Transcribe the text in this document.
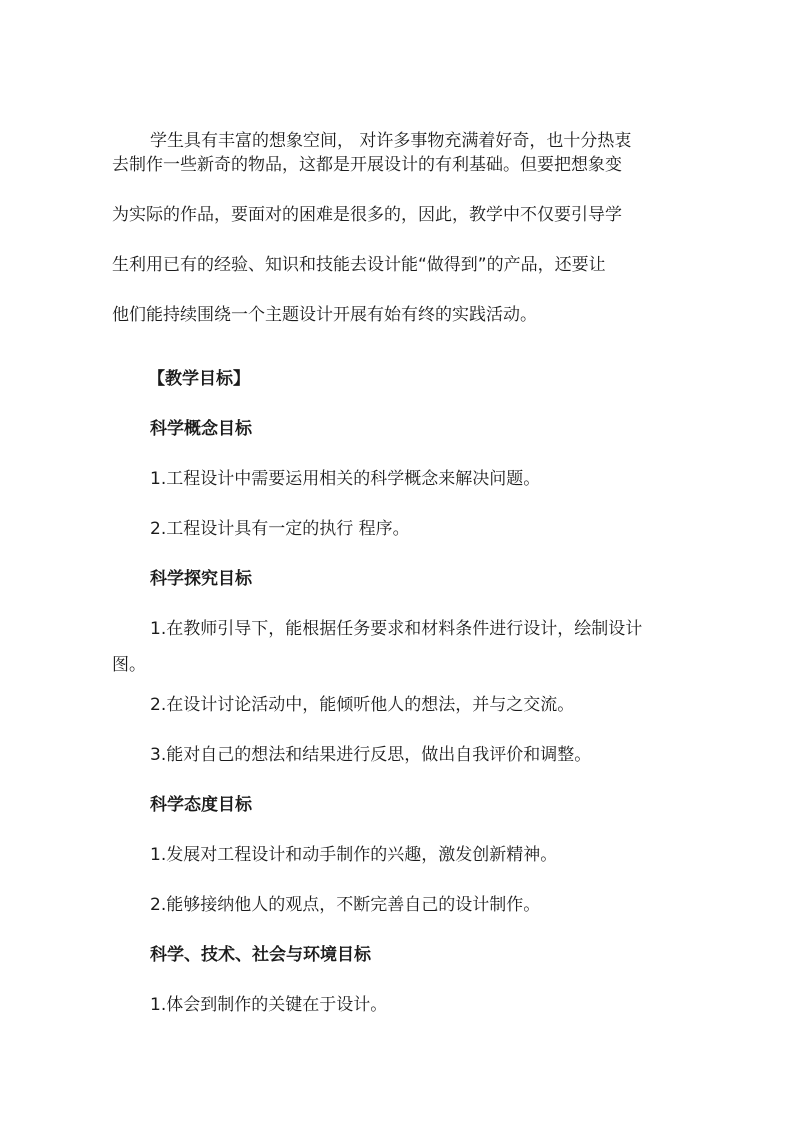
学生具有丰富的想象空间， 对许多事物充满着好奇，也十分热衷
去制作一些新奇的物品，这都是开展设计的有利基础。但要把想象变
为实际的作品，要面对的困难是很多的，因此，教学中不仅要引导学
生利用已有的经验、知识和技能去设计能“做得到”的产品，还要让
他们能持续围绕一个主题设计开展有始有终的实践活动。
【教学目标】
科学概念目标
1.工程设计中需要运用相关的科学概念来解决问题。
2.工程设计具有一定的执行 程序。
科学探究目标
1.在教师引导下，能根据任务要求和材料条件进行设计，绘制设计
图。
2.在设计讨论活动中，能倾听他人的想法，并与之交流。
3.能对自己的想法和结果进行反思，做出自我评价和调整。
科学态度目标
1.发展对工程设计和动手制作的兴趣，激发创新精神。
2.能够接纳他人的观点，不断完善自己的设计制作。
科学、技术、社会与环境目标
1.体会到制作的关键在于设计。
